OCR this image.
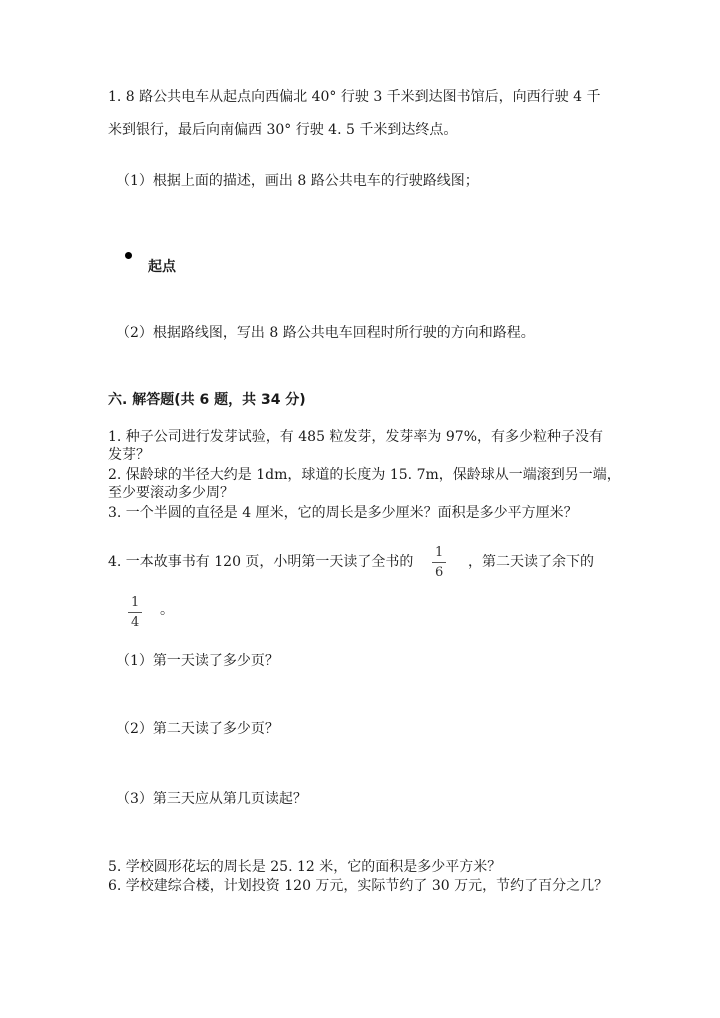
1. 8 路公共电车从起点向西偏北 40° 行驶 3 千米到达图书馆后，向西行驶 4 千
米到银行，最后向南偏西 30° 行驶 4. 5 千米到达终点。
（1）根据上面的描述，画出 8 路公共电车的行驶路线图；
起点
（2）根据路线图，写出 8 路公共电车回程时所行驶的方向和路程。
六. 解答题(共 6 题，共 34 分)
1. 种子公司进行发芽试验，有 485 粒发芽，发芽率为 97%，有多少粒种子没有
发芽？
2. 保龄球的半径大约是 1dm，球道的长度为 15. 7m，保龄球从一端滚到另一端，
至少要滚动多少周？
3. 一个半圆的直径是 4 厘米，它的周长是多少厘米？面积是多少平方厘米？
4. 一本故事书有 120 页，小明第一天读了全书的
1
6
，第二天读了余下的
1
4
。
（1）第一天读了多少页？
（2）第二天读了多少页？
（3）第三天应从第几页读起？
5. 学校圆形花坛的周长是 25. 12 米，它的面积是多少平方米？
6. 学校建综合楼，计划投资 120 万元，实际节约了 30 万元，节约了百分之几？
